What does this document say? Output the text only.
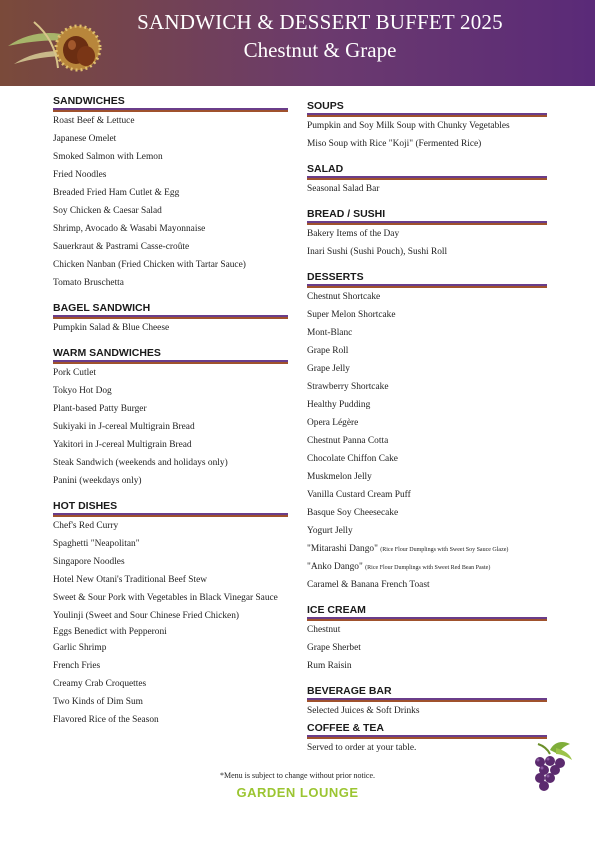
SANDWICH & DESSERT BUFFET 2025
Chestnut & Grape
SANDWICHES
Roast Beef & Lettuce
Japanese Omelet
Smoked Salmon with Lemon
Fried Noodles
Breaded Fried Ham Cutlet & Egg
Soy Chicken & Caesar Salad
Shrimp, Avocado & Wasabi Mayonnaise
Sauerkraut & Pastrami Casse-croûte
Chicken Nanban (Fried Chicken with Tartar Sauce)
Tomato Bruschetta
BAGEL SANDWICH
Pumpkin Salad & Blue Cheese
WARM SANDWICHES
Pork Cutlet
Tokyo Hot Dog
Plant-based Patty Burger
Sukiyaki in J-cereal Multigrain Bread
Yakitori in J-cereal Multigrain Bread
Steak Sandwich (weekends and holidays only)
Panini (weekdays only)
HOT DISHES
Chef's Red Curry
Spaghetti "Neapolitan"
Singapore Noodles
Hotel New Otani's Traditional Beef Stew
Sweet & Sour Pork with Vegetables in Black Vinegar Sauce
Youlinji (Sweet and Sour Chinese Fried Chicken)
Eggs Benedict with Pepperoni
Garlic Shrimp
French Fries
Creamy Crab Croquettes
Two Kinds of Dim Sum
Flavored Rice of the Season
SOUPS
Pumpkin and Soy Milk Soup with Chunky Vegetables
Miso Soup with Rice "Koji" (Fermented Rice)
SALAD
Seasonal Salad Bar
BREAD / SUSHI
Bakery Items of the Day
Inari Sushi (Sushi Pouch), Sushi Roll
DESSERTS
Chestnut Shortcake
Super Melon Shortcake
Mont-Blanc
Grape Roll
Grape Jelly
Strawberry Shortcake
Healthy Pudding
Opera Légère
Chestnut Panna Cotta
Chocolate Chiffon Cake
Muskmelon Jelly
Vanilla Custard Cream Puff
Basque Soy Cheesecake
Yogurt Jelly
"Mitarashi Dango" (Rice Flour Dumplings with Sweet Soy Sauce Glaze)
"Anko Dango" (Rice Flour Dumplings with Sweet Red Bean Paste)
Caramel & Banana French Toast
ICE CREAM
Chestnut
Grape Sherbet
Rum Raisin
BEVERAGE BAR
Selected Juices & Soft Drinks
COFFEE & TEA
Served to order at your table.
*Menu is subject to change without prior notice.
GARDEN LOUNGE
